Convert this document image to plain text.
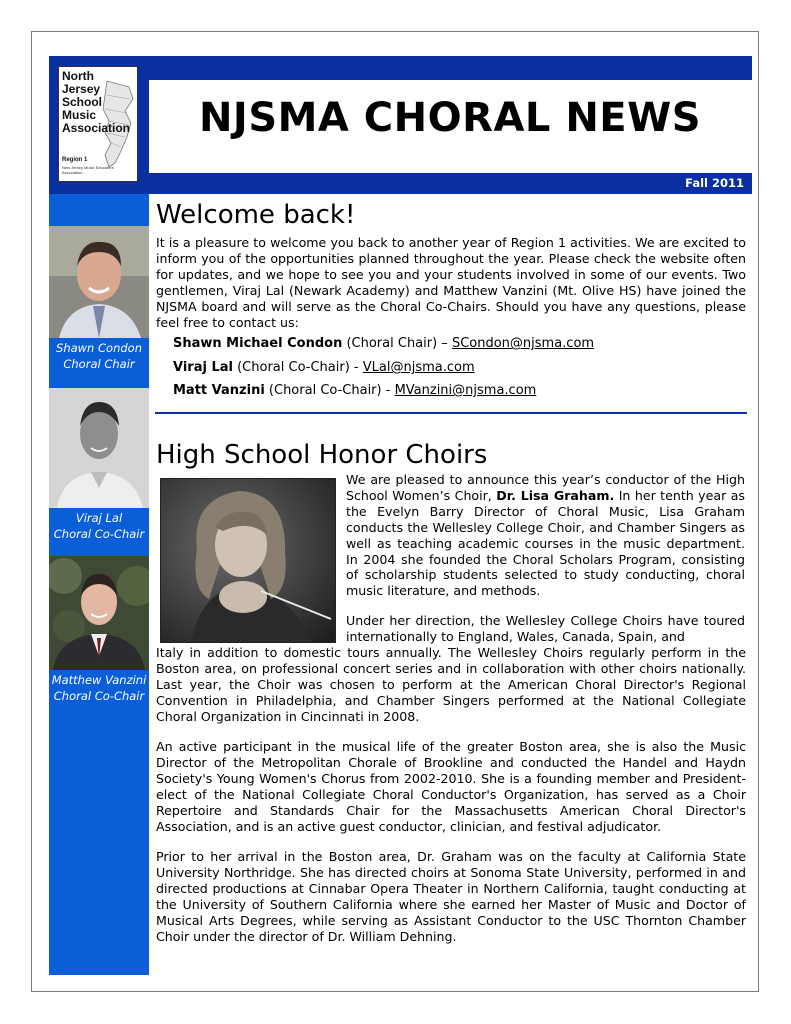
North Jersey
School
Music
Association
Region 1
New Jersey Music Educators Association
NJSMA CHORAL NEWS
Fall 2011
Shawn Condon
Choral Chair
Viraj Lal
Choral Co-Chair
Matthew Vanzini
Choral Co-Chair
Welcome back!

It is a pleasure to welcome you back to another year of Region 1 activities. We are excited to inform you of the opportunities planned throughout the year. Please check the website often for updates, and we hope to see you and your students involved in some of our events. Two gentlemen, Viraj Lal (Newark Academy) and Matthew Vanzini (Mt. Olive HS) have joined the NJSMA board and will serve as the Choral Co-Chairs. Should you have any questions, please feel free to contact us:

Shawn Michael Condon (Choral Chair) – SCondon@njsma.com
Viraj Lal (Choral Co-Chair) - VLal@njsma.com
Matt Vanzini (Choral Co-Chair) - MVanzini@njsma.com
High School Honor Choirs

We are pleased to announce this year’s conductor of the High School Women’s Choir, Dr. Lisa Graham. In her tenth year as the Evelyn Barry Director of Choral Music, Lisa Graham conducts the Wellesley College Choir, and Chamber Singers as well as teaching academic courses in the music department. In 2004 she founded the Choral Scholars Program, consisting of scholarship students selected to study conducting, choral music literature, and methods.

Under her direction, the Wellesley College Choirs have toured internationally to England, Wales, Canada, Spain, and

Italy in addition to domestic tours annually. The Wellesley Choirs regularly perform in the Boston area, on professional concert series and in collaboration with other choirs nationally. Last year, the Choir was chosen to perform at the American Choral Director's Regional Convention in Philadelphia, and Chamber Singers performed at the National Collegiate Choral Organization in Cincinnati in 2008.

An active participant in the musical life of the greater Boston area, she is also the Music Director of the Metropolitan Chorale of Brookline and conducted the Handel and Haydn Society's Young Women's Chorus from 2002-2010. She is a founding member and President-elect of the National Collegiate Choral Conductor's Organization, has served as a Choir Repertoire and Standards Chair for the Massachusetts American Choral Director's Association, and is an active guest conductor, clinician, and festival adjudicator.

Prior to her arrival in the Boston area, Dr. Graham was on the faculty at California State University Northridge. She has directed choirs at Sonoma State University, performed in and directed productions at Cinnabar Opera Theater in Northern California, taught conducting at the University of Southern California where she earned her Master of Music and Doctor of Musical Arts Degrees, while serving as Assistant Conductor to the USC Thornton Chamber Choir under the director of Dr. William Dehning.
